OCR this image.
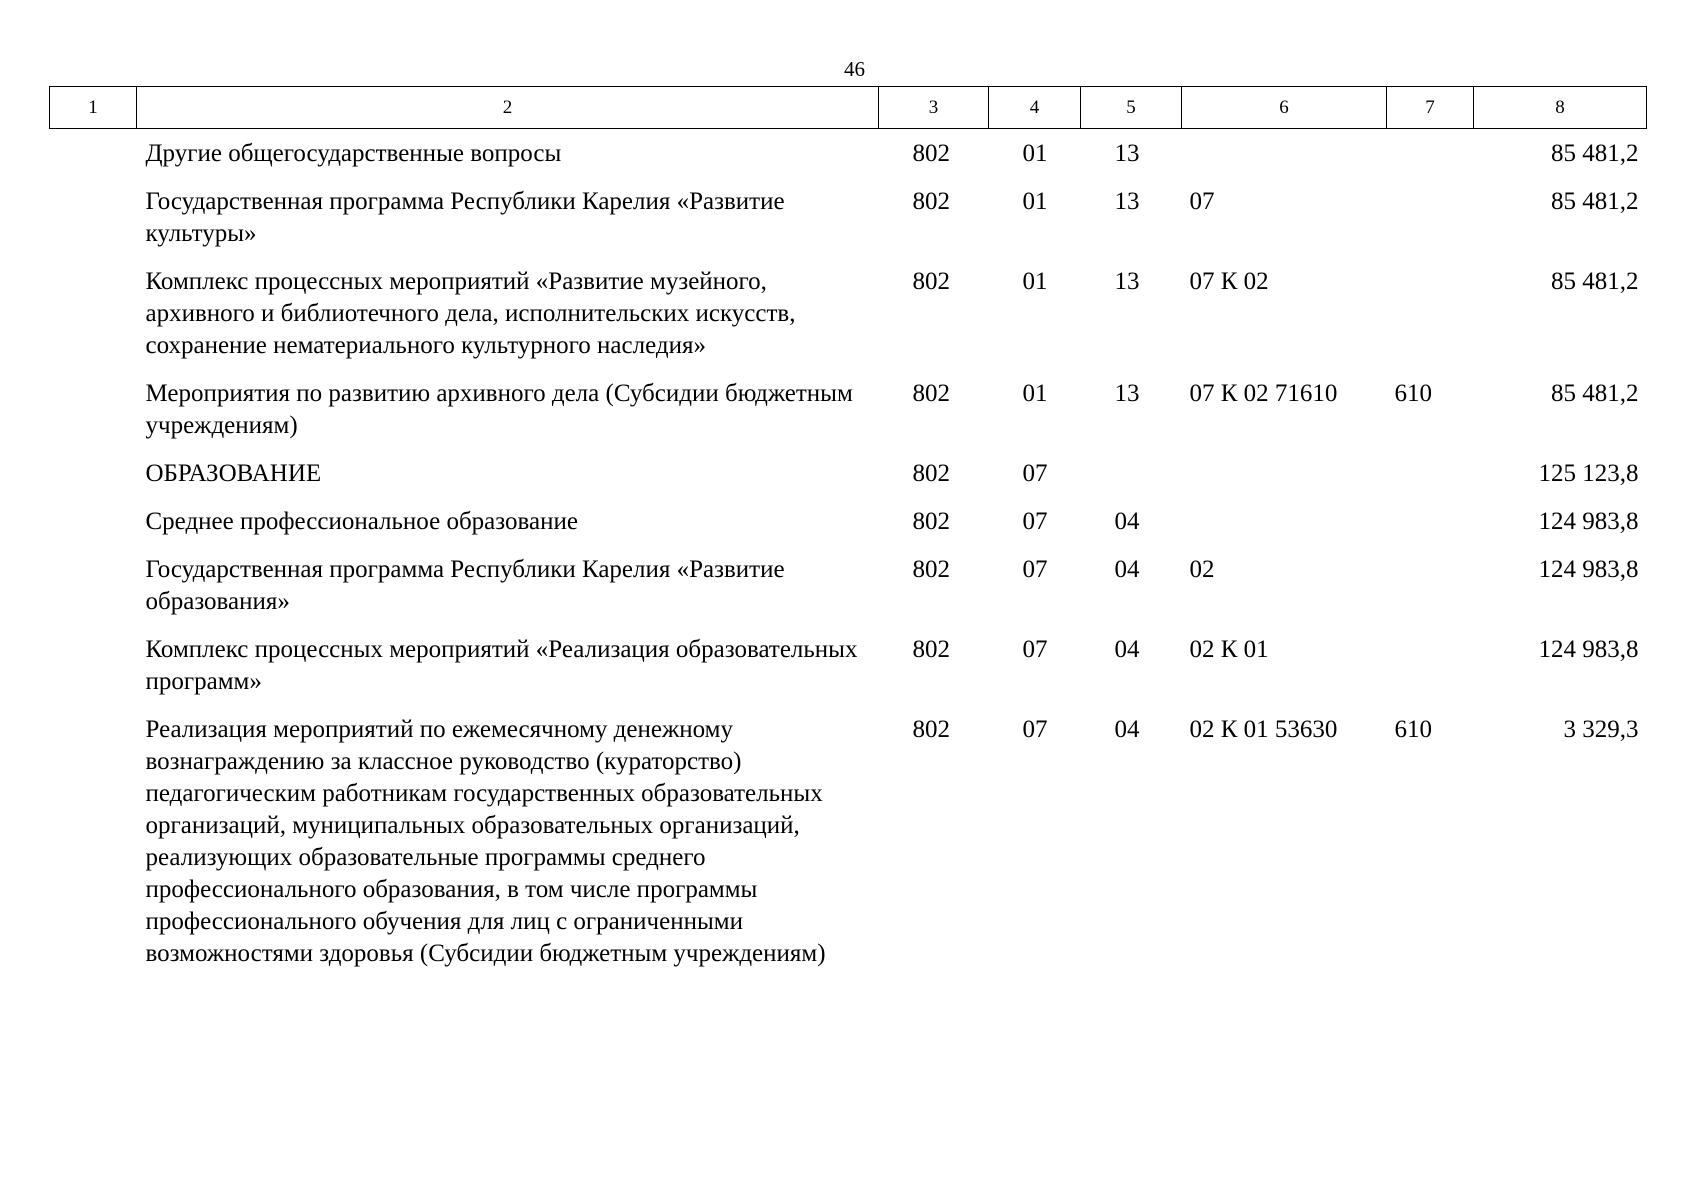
46
1	2	3	4	5	6	7	8
	Другие общегосударственные вопросы	802	01	13			85 481,2
	Государственная программа Республики Карелия «Развитие культуры»	802	01	13	07		85 481,2
	Комплекс процессных мероприятий «Развитие музейного, архивного и библиотечного дела, исполнительских искусств, сохранение нематериального культурного наследия»	802	01	13	07 К 02		85 481,2
	Мероприятия по развитию архивного дела (Субсидии бюджетным учреждениям)	802	01	13	07 К 02 71610	610	85 481,2
	ОБРАЗОВАНИЕ	802	07				125 123,8
	Среднее профессиональное образование	802	07	04			124 983,8
	Государственная программа Республики Карелия «Развитие образования»	802	07	04	02		124 983,8
	Комплекс процессных мероприятий «Реализация образовательных программ»	802	07	04	02 К 01		124 983,8
	Реализация мероприятий по ежемесячному денежному вознаграждению за классное руководство (кураторство) педагогическим работникам государственных образовательных организаций, муниципальных образовательных организаций, реализующих образовательные программы среднего профессионального образования, в том числе программы профессионального обучения для лиц с ограниченными возможностями здоровья (Субсидии бюджетным учреждениям)	802	07	04	02 К 01 53630	610	3 329,3
